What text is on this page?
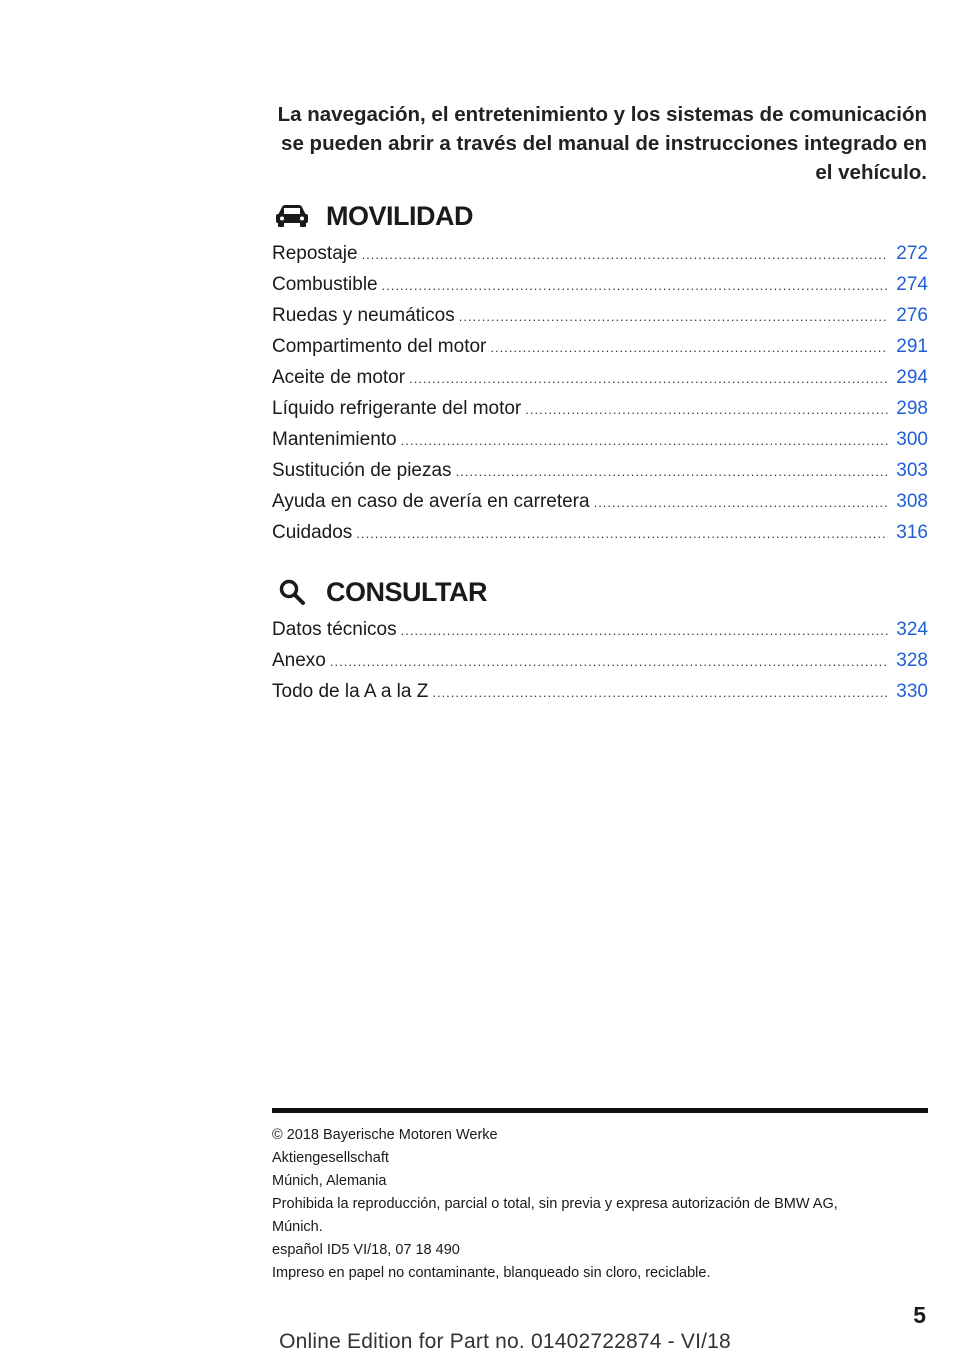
La navegación, el entretenimiento y los sistemas de comunicación se pueden abrir a través del manual de instrucciones integrado en el vehículo.
MOVILIDAD
Repostaje .....	272
Combustible .....	274
Ruedas y neumáticos .....	276
Compartimento del motor .....	291
Aceite de motor .....	294
Líquido refrigerante del motor .....	298
Mantenimiento .....	300
Sustitución de piezas .....	303
Ayuda en caso de avería en carretera .....	308
Cuidados .....	316
CONSULTAR
Datos técnicos .....	324
Anexo .....	328
Todo de la A a la Z .....	330
© 2018 Bayerische Motoren Werke
Aktiengesellschaft
Múnich, Alemania
Prohibida la reproducción, parcial o total, sin previa y expresa autorización de BMW AG,
Múnich.
español ID5 VI/18, 07 18 490
Impreso en papel no contaminante, blanqueado sin cloro, reciclable.
5
Online Edition for Part no. 01402722874 - VI/18
